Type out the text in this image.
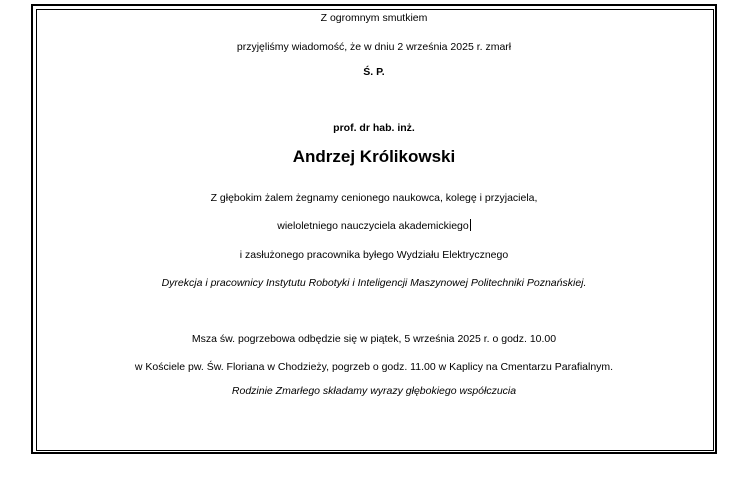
Z ogromnym smutkiem
przyjęliśmy wiadomość, że w dniu 2 września 2025 r. zmarł
Ś. P.
prof. dr hab. inż.
Andrzej Królikowski
Z głębokim żalem żegnamy cenionego naukowca, kolegę i przyjaciela,
wieloletniego nauczyciela akademickiego
i zasłużonego pracownika byłego Wydziału Elektrycznego
Dyrekcja i pracownicy Instytutu Robotyki i Inteligencji Maszynowej Politechniki Poznańskiej.
Msza św. pogrzebowa odbędzie się w piątek, 5 września 2025 r. o godz. 10.00
w Kościele pw. Św. Floriana w Chodzieży, pogrzeb o godz. 11.00 w Kaplicy na Cmentarzu Parafialnym.
Rodzinie Zmarłego składamy wyrazy głębokiego współczucia
